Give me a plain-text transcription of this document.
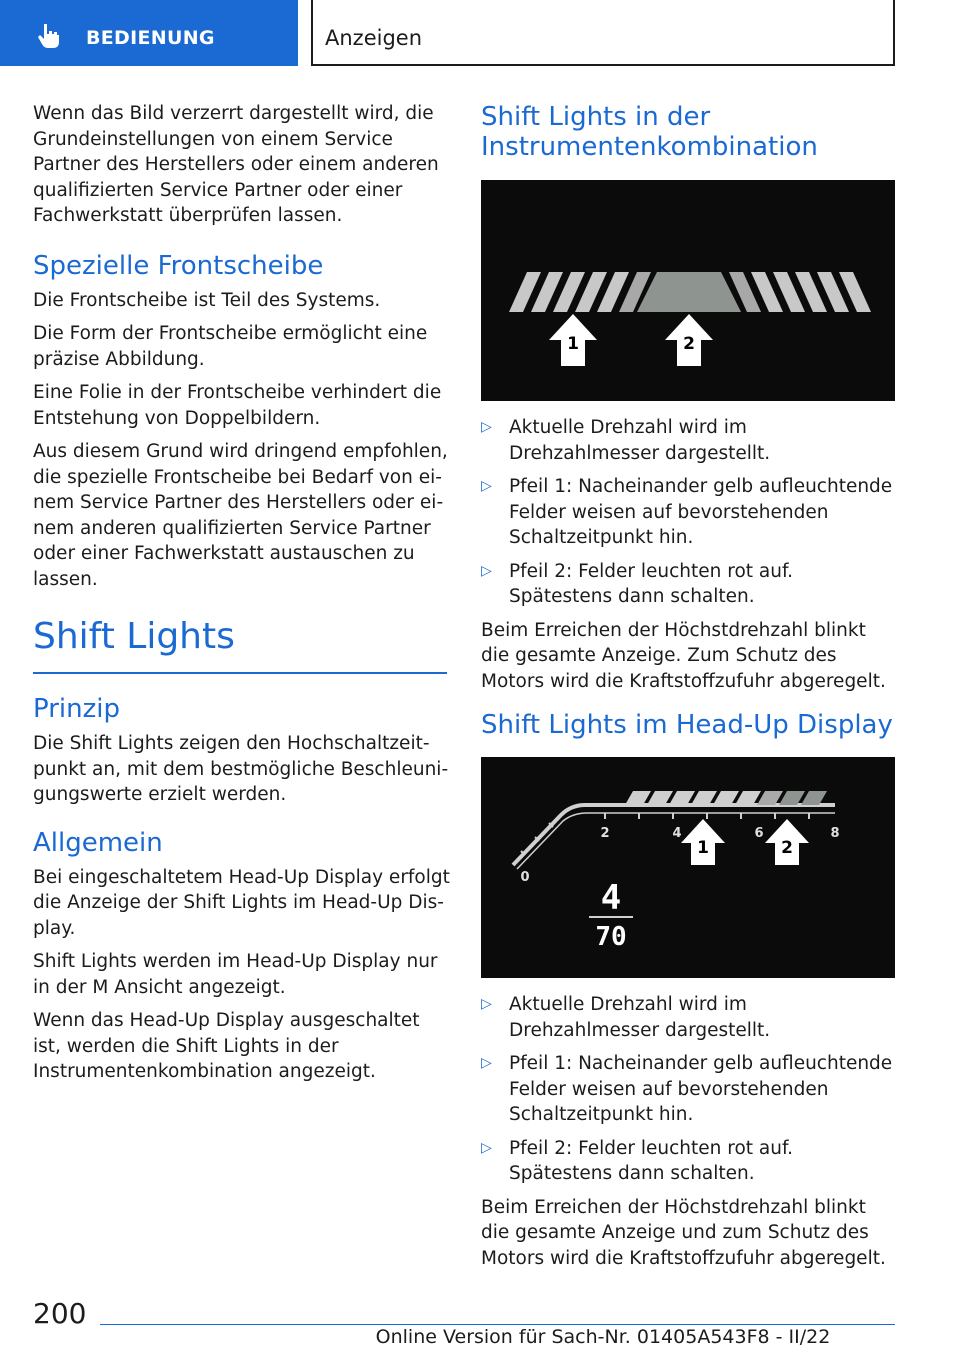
BEDIENUNG	Anzeigen

Wenn das Bild verzerrt dargestellt wird, die Grundeinstellungen von einem Service Partner des Herstellers oder einem anderen qualifizierten Service Partner oder einer Fachwerkstatt überprüfen lassen.

Spezielle Frontscheibe

Die Frontscheibe ist Teil des Systems.

Die Form der Frontscheibe ermöglicht eine präzise Abbildung.

Eine Folie in der Frontscheibe verhindert die Entstehung von Doppelbildern.

Aus diesem Grund wird dringend empfohlen, die spezielle Frontscheibe bei Bedarf von einem Service Partner des Herstellers oder einem anderen qualifizierten Service Partner oder einer Fachwerkstatt austauschen zu lassen.

Shift Lights
Prinzip

Die Shift Lights zeigen den Hochschaltzeitpunkt an, mit dem bestmögliche Beschleunigungswerte erzielt werden.

Allgemein

Bei eingeschaltetem Head-Up Display erfolgt die Anzeige der Shift Lights im Head-Up Display.

Shift Lights werden im Head-Up Display nur in der M Ansicht angezeigt.

Wenn das Head-Up Display ausgeschaltet ist, werden die Shift Lights in der Instrumentenkombination angezeigt.

Shift Lights in der Instrumentenkombination
1	2
▷ Aktuelle Drehzahl wird im Drehzahlmesser dargestellt.
▷ Pfeil 1: Nacheinander gelb aufleuchtende Felder weisen auf bevorstehenden Schaltzeitpunkt hin.
▷ Pfeil 2: Felder leuchten rot auf. Spätestens dann schalten.

Beim Erreichen der Höchstdrehzahl blinkt die gesamte Anzeige. Zum Schutz des Motors wird die Kraftstoffzufuhr abgeregelt.

Shift Lights im Head-Up Display
0
2	4	6	8
1	2
4
70
▷ Aktuelle Drehzahl wird im Drehzahlmesser dargestellt.
▷ Pfeil 1: Nacheinander gelb aufleuchtende Felder weisen auf bevorstehenden Schaltzeitpunkt hin.
▷ Pfeil 2: Felder leuchten rot auf. Spätestens dann schalten.

Beim Erreichen der Höchstdrehzahl blinkt die gesamte Anzeige und zum Schutz des Motors wird die Kraftstoffzufuhr abgeregelt.

200
Online Version für Sach-Nr. 01405A543F8 - II/22
